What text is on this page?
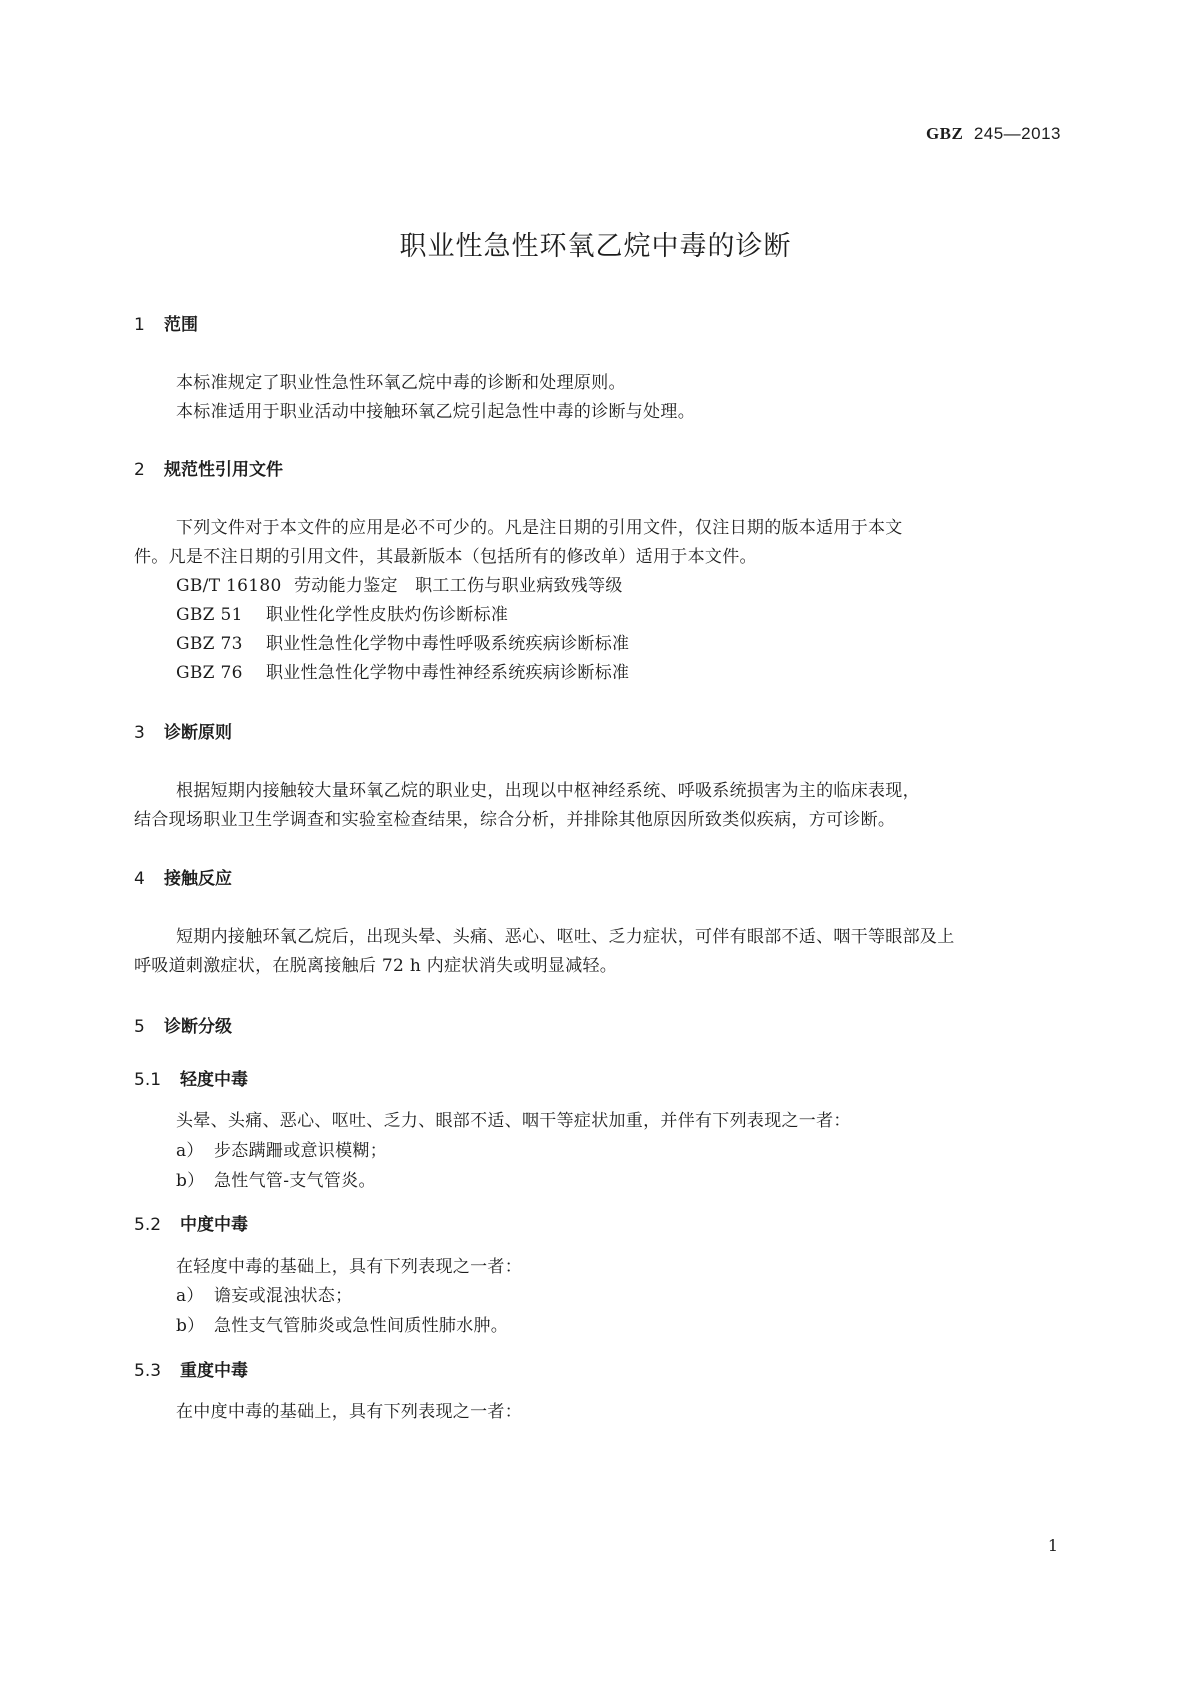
GBZ 245—2013
职业性急性环氧乙烷中毒的诊断
1 范围
本标准规定了职业性急性环氧乙烷中毒的诊断和处理原则。
本标准适用于职业活动中接触环氧乙烷引起急性中毒的诊断与处理。
2 规范性引用文件
下列文件对于本文件的应用是必不可少的。凡是注日期的引用文件，仅注日期的版本适用于本文
件。凡是不注日期的引用文件，其最新版本（包括所有的修改单）适用于本文件。
GB/T 16180 劳动能力鉴定　职工工伤与职业病致残等级
GBZ 51 职业性化学性皮肤灼伤诊断标准
GBZ 73 职业性急性化学物中毒性呼吸系统疾病诊断标准
GBZ 76 职业性急性化学物中毒性神经系统疾病诊断标准
3 诊断原则
根据短期内接触较大量环氧乙烷的职业史，出现以中枢神经系统、呼吸系统损害为主的临床表现，
结合现场职业卫生学调查和实验室检查结果，综合分析，并排除其他原因所致类似疾病，方可诊断。
4 接触反应
短期内接触环氧乙烷后，出现头晕、头痛、恶心、呕吐、乏力症状，可伴有眼部不适、咽干等眼部及上
呼吸道刺激症状，在脱离接触后 72 h 内症状消失或明显减轻。
5 诊断分级
5.1 轻度中毒
头晕、头痛、恶心、呕吐、乏力、眼部不适、咽干等症状加重，并伴有下列表现之一者：
a） 步态蹒跚或意识模糊；
b） 急性气管-支气管炎。
5.2 中度中毒
在轻度中毒的基础上，具有下列表现之一者：
a） 谵妄或混浊状态；
b） 急性支气管肺炎或急性间质性肺水肿。
5.3 重度中毒
在中度中毒的基础上，具有下列表现之一者：
1
